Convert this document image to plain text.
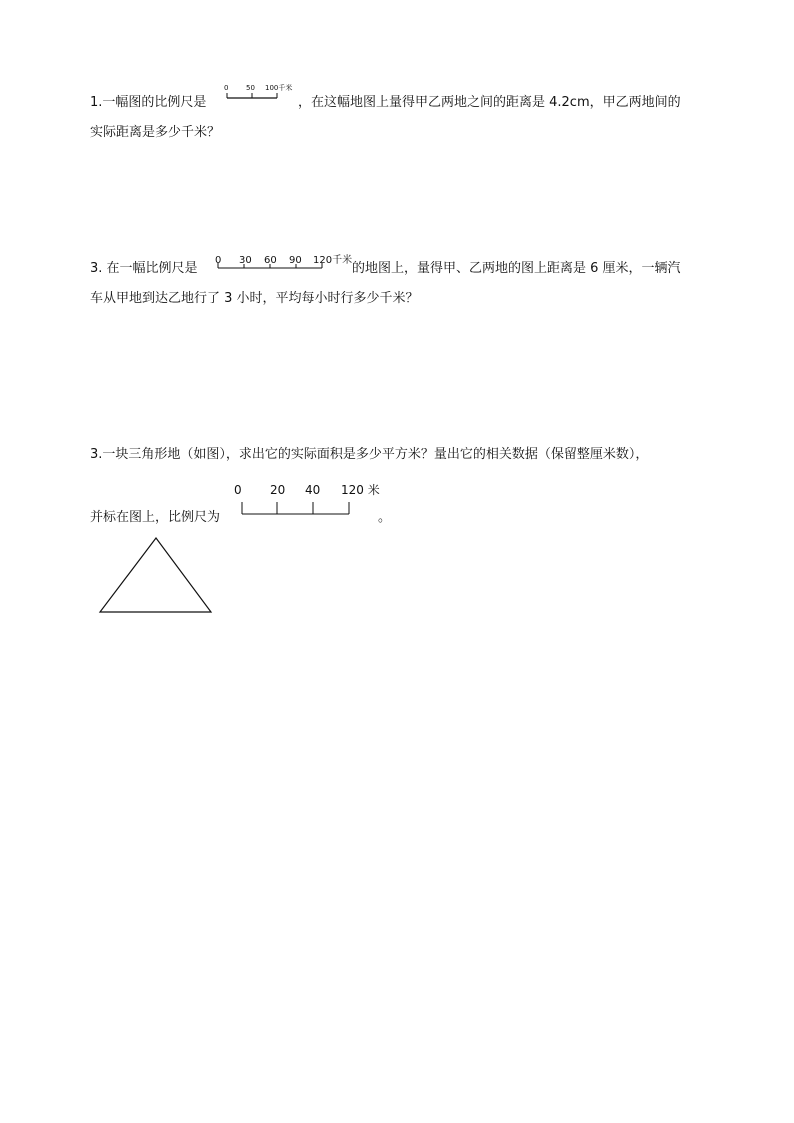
1.一幅图的比例尺是
0	50 100千米
，在这幅地图上量得甲乙两地之间的距离是 4.2cm，甲乙两地间的
实际距离是多少千米？
3. 在一幅比例尺是
0 30 60 90 120千米
的地图上，量得甲、乙两地的图上距离是 6 厘米，一辆汽
车从甲地到达乙地行了 3 小时，平均每小时行多少千米？
3.一块三角形地（如图），求出它的实际面积是多少平方米？量出它的相关数据（保留整厘米数），
0 20 40 120 米
并标在图上，比例尺为	。
